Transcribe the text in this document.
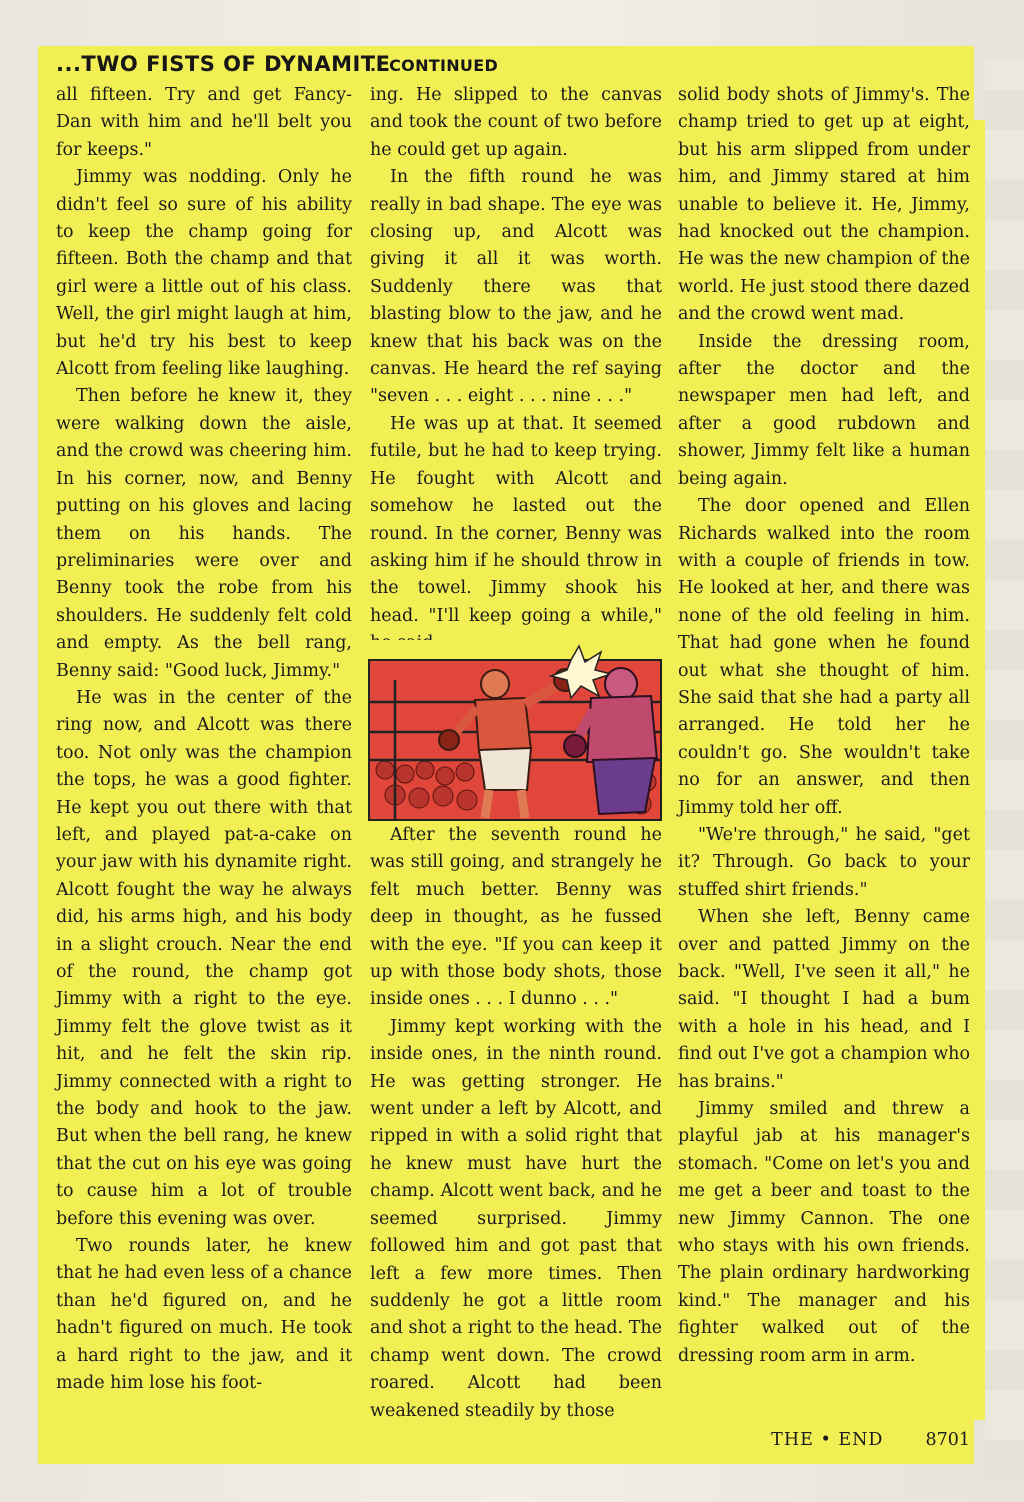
...TWO FISTS OF DYNAMITE
...CONTINUED

all fifteen. Try and get Fancy-Dan with him and he'll belt you for keeps."

Jimmy was nodding. Only he didn't feel so sure of his ability to keep the champ going for fifteen. Both the champ and that girl were a little out of his class. Well, the girl might laugh at him, but he'd try his best to keep Alcott from feeling like laughing.

Then before he knew it, they were walking down the aisle, and the crowd was cheering him. In his corner, now, and Benny putting on his gloves and lacing them on his hands. The preliminaries were over and Benny took the robe from his shoulders. He suddenly felt cold and empty. As the bell rang, Benny said: "Good luck, Jimmy."

He was in the center of the ring now, and Alcott was there too. Not only was the champion the tops, he was a good fighter. He kept you out there with that left, and played pat-a-cake on your jaw with his dynamite right. Alcott fought the way he always did, his arms high, and his body in a slight crouch. Near the end of the round, the champ got Jimmy with a right to the eye. Jimmy felt the glove twist as it hit, and he felt the skin rip. Jimmy connected with a right to the body and hook to the jaw. But when the bell rang, he knew that the cut on his eye was going to cause him a lot of trouble before this evening was over.

Two rounds later, he knew that he had even less of a chance than he'd figured on, and he hadn't figured on much. He took a hard right to the jaw, and it made him lose his foot-

ing. He slipped to the canvas and took the count of two before he could get up again.

In the fifth round he was really in bad shape. The eye was closing up, and Alcott was giving it all it was worth. Suddenly there was that blasting blow to the jaw, and he knew that his back was on the canvas. He heard the ref saying "seven . . . eight . . . nine . . ."

He was up at that. It seemed futile, but he had to keep trying. He fought with Alcott and somehow he lasted out the round. In the corner, Benny was asking him if he should throw in the towel. Jimmy shook his head. "I'll keep going a while,"

After the seventh round he was still going, and strangely he felt much better. Benny was deep in thought, as he fussed with the eye. "If you can keep it up with those body shots, those inside ones . . . I dunno . . ."

Jimmy kept working with the inside ones, in the ninth round. He was getting stronger. He went under a left by Alcott, and ripped in with a solid right that he knew must have hurt the champ. Alcott went back, and he seemed surprised. Jimmy followed him and got past that left a few more times. Then suddenly he got a little room and shot a right to the head. The champ went down. The crowd roared. Alcott had been weakened steadily by those

solid body shots of Jimmy's. The champ tried to get up at eight, but his arm slipped from under him, and Jimmy stared at him unable to believe it. He, Jimmy, had knocked out the champion. He was the new champion of the world. He just stood there dazed and the crowd went mad.

Inside the dressing room, after the doctor and the newspaper men had left, and after a good rubdown and shower, Jimmy felt like a human being again.

The door opened and Ellen Richards walked into the room with a couple of friends in tow. He looked at her, and there was none of the old feeling in him. That had gone when he found out what she thought of him. She said that she had a party all arranged. He told her he couldn't go. She wouldn't take no for an answer, and then Jimmy told her off.

"We're through," he said, "get it? Through. Go back to your stuffed shirt friends."

When she left, Benny came over and patted Jimmy on the back. "Well, I've seen it all," he said. "I thought I had a bum with a hole in his head, and I find out I've got a champion who has brains."

Jimmy smiled and threw a playful jab at his manager's stomach. "Come on let's you and me get a beer and toast to the new Jimmy Cannon. The one who stays with his own friends. The plain ordinary hardworking kind." The manager and his fighter walked out of the dressing room arm in arm.

THE • END 8701
